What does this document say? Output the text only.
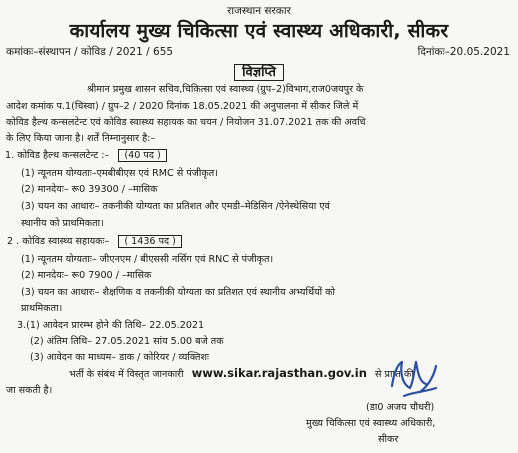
राजस्थान सरकार
कार्यालय मुख्य चिकित्सा एवं स्वास्थ्य अधिकारी, सीकर
कमांकः–संस्थापन / कोविड / 2021 / 655	दिनांकः–20.05.2021
विज्ञप्ति
श्रीमान प्रमुख शासन सचिव,चिकित्सा एवं स्वास्थ्य (ग्रुप–2)विभाग,राज0जयपुर के
आदेश कमांक प.1(चिस्वा) / ग्रुप–2 / 2020 दिनांक 18.05.2021 की अनुपालना में सीकर जिले में
कोविड हैल्थ कन्सलटेन्ट एवं कोविड स्वास्थ्य सहायक का चयन / नियोजन 31.07.2021 तक की अवधि
के लिए किया जाना है। शर्तें निम्नानुसार है:–
1. कोविड हैल्थ कन्सलटेन्ट :– (40 पद )
(1) न्यूनतम योग्यताः–एमबीबीएस एवं RMC से पंजीकृत।
(2) मानदेयः– रू0 39300 / –मासिक
(3) चयन का आधारः– तकनीकी योग्यता का प्रतिशत और एमडी–मेडिसिन /ऐनेस्थेसिया एवं
स्थानीय को प्राथमिकता।
2 . कोविड स्वास्थ्य सहायकः– ( 1436 पद )
(1) न्यूनतम योग्यताः– जीएनएम / बीएससी नर्सिग एवं RNC से पंजीकृत।
(2) मानदेयः– रू0 7900 / –मासिक
(3) चयन का आधारः– शैक्षणिक व तकनीकी योग्यता का प्रतिशत एवं स्थानीय अभ्यर्थियों को
प्राथमिकता।
3.(1) आवेदन प्रारम्भ होने की तिथि– 22.05.2021
(2) अंतिम तिथि– 27.05.2021 सांय 5.00 बजे तक
(3) आवेदन का माध्यम– डाक / कोरियर / व्यक्तिशः
भर्ती के संबंध में विस्तृत जानकारी www.sikar.rajasthan.gov.in से प्राप्त की
जा सकती है।
(डा0 अजय चौधरी)
मुख्य चिकित्सा एवं स्वास्थ्य अधिकारी,
सीकर
